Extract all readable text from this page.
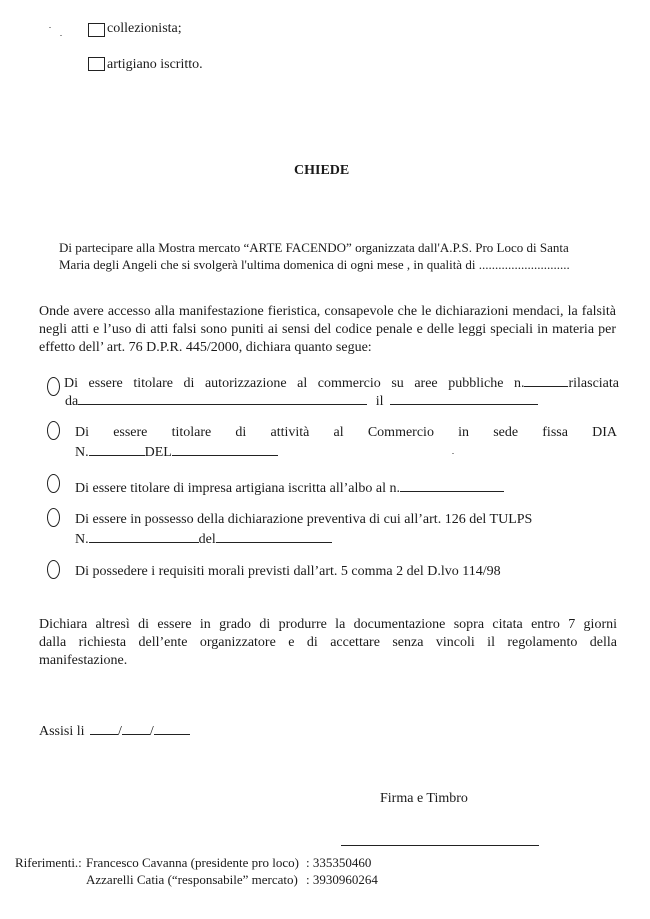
collezionista;
artigiano iscritto.
CHIEDE
Di partecipare alla Mostra mercato “ARTE FACENDO” organizzata dall'A.P.S. Pro Loco di Santa
Maria degli Angeli che si svolgerà l'ultima domenica di ogni mese , in qualità di ............................
Onde avere accesso alla manifestazione fieristica, consapevole che le dichiarazioni mendaci, la falsità
negli atti e l’uso di atti falsi sono puniti ai sensi del codice penale e delle leggi speciali in materia per
effetto dell’ art. 76 D.P.R. 445/2000, dichiara quanto segue:
Di essere titolare di autorizzazione al commercio su aree pubbliche n.	rilasciata
da	il
Di essere titolare di attività al Commercio in sede fissa DIA
N.	DEL
Di essere titolare di impresa artigiana iscritta all’albo al n.
Di essere in possesso della dichiarazione preventiva di cui all’art. 126 del TULPS
N.	del
Di possedere i requisiti morali previsti dall’art. 5 comma 2 del D.lvo 114/98
Dichiara altresì di essere in grado di produrre la documentazione sopra citata entro 7 giorni
dalla richiesta dell’ente organizzatore e di accettare senza vincoli il regolamento della
manifestazione.
Assisi li / /
Firma e Timbro
Riferimenti.: Francesco Cavanna (presidente pro loco) : 335350460
Azzarelli Catia (“responsabile” mercato) : 3930960264
